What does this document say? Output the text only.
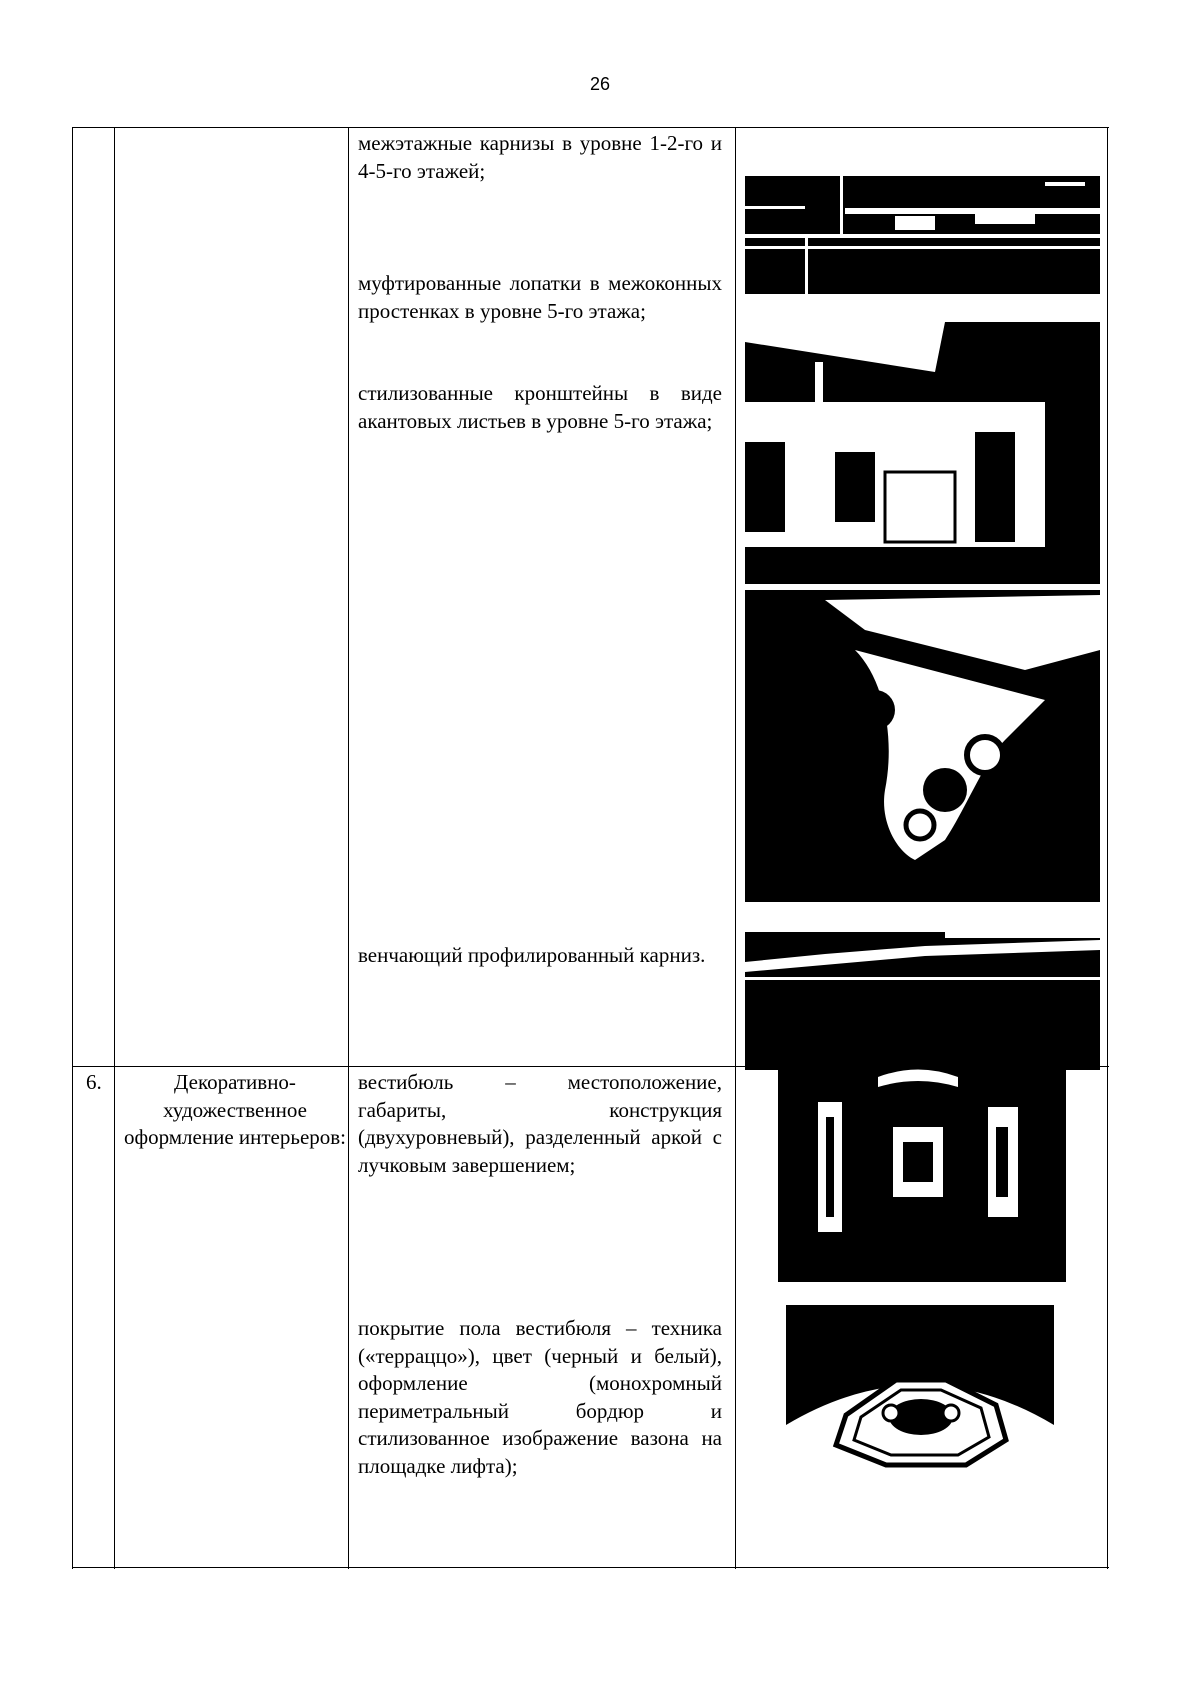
26
межэтажные карнизы в уровне 1-2-го и 4-5-го этажей;
муфтированные лопатки в межоконных простенках в уровне 5-го этажа;
стилизованные кронштейны в виде акантовых листьев в уровне 5-го этажа;
венчающий профилированный карниз.
6.	Декоративно-художественное оформление интерьеров:
вестибюль – местоположение, габариты, конструкция (двухуровневый), разделенный аркой с лучковым завершением;
покрытие пола вестибюля – техника («терраццо»), цвет (черный и белый), оформление (монохромный периметральный бордюр и стилизованное изображение вазона на площадке лифта);
